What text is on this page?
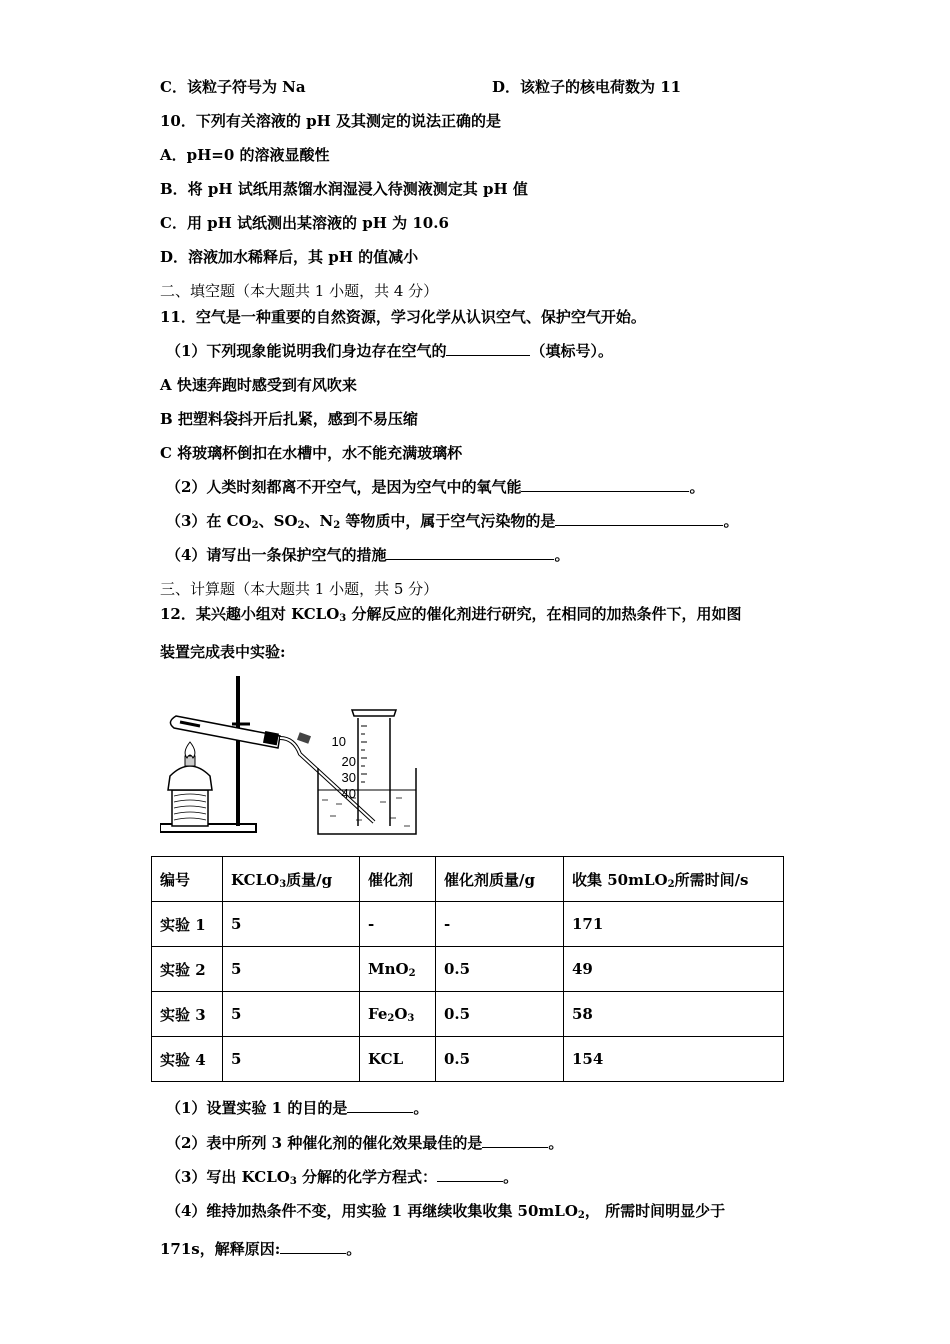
C．该粒子符号为 Na	D．该粒子的核电荷数为 11
10．下列有关溶液的 pH 及其测定的说法正确的是
A．pH=0 的溶液显酸性
B．将 pH 试纸用蒸馏水润湿浸入待测液测定其 pH 值
C．用 pH 试纸测出某溶液的 pH 为 10.6
D．溶液加水稀释后，其 pH 的值减小
二、填空题（本大题共 1 小题，共 4 分）
11．空气是一种重要的自然资源，学习化学从认识空气、保护空气开始。
（1）下列现象能说明我们身边存在空气的	（填标号）。
A 快速奔跑时感受到有风吹来
B 把塑料袋抖开后扎紧，感到不易压缩
C 将玻璃杯倒扣在水槽中，水不能充满玻璃杯
（2）人类时刻都离不开空气，是因为空气中的氧气能	。
（3）在 $CO_2$、$SO_2$、$N_2$ 等物质中，属于空气污染物的是	。
（4）请写出一条保护空气的措施	。
三、计算题（本大题共 1 小题，共 5 分）
12．某兴趣小组对 $KCLO_3$ 分解反应的催化剂进行研究，在相同的加热条件下，用如图
装置完成表中实验:
10
20
30
40
编号	$KCLO_3$质量/g	催化剂	催化剂质量/g	收集 50mLO$_2$所需时间/s
实验 1	5	-	-	171
实验 2	5	MnO$_2$	0.5	49
实验 3	5	$Fe_2O_3$	0.5	58
实验 4	5	KCL	0.5	154
（1）设置实验 1 的目的是	。
（2）表中所列 3 种催化剂的催化效果最佳的是	。
（3）写出 $KCLO_3$ 分解的化学方程式：	。
（4）维持加热条件不变，用实验 1 再继续收集收集 50mLO$_2$， 所需时间明显少于
171s，解释原因:	。
